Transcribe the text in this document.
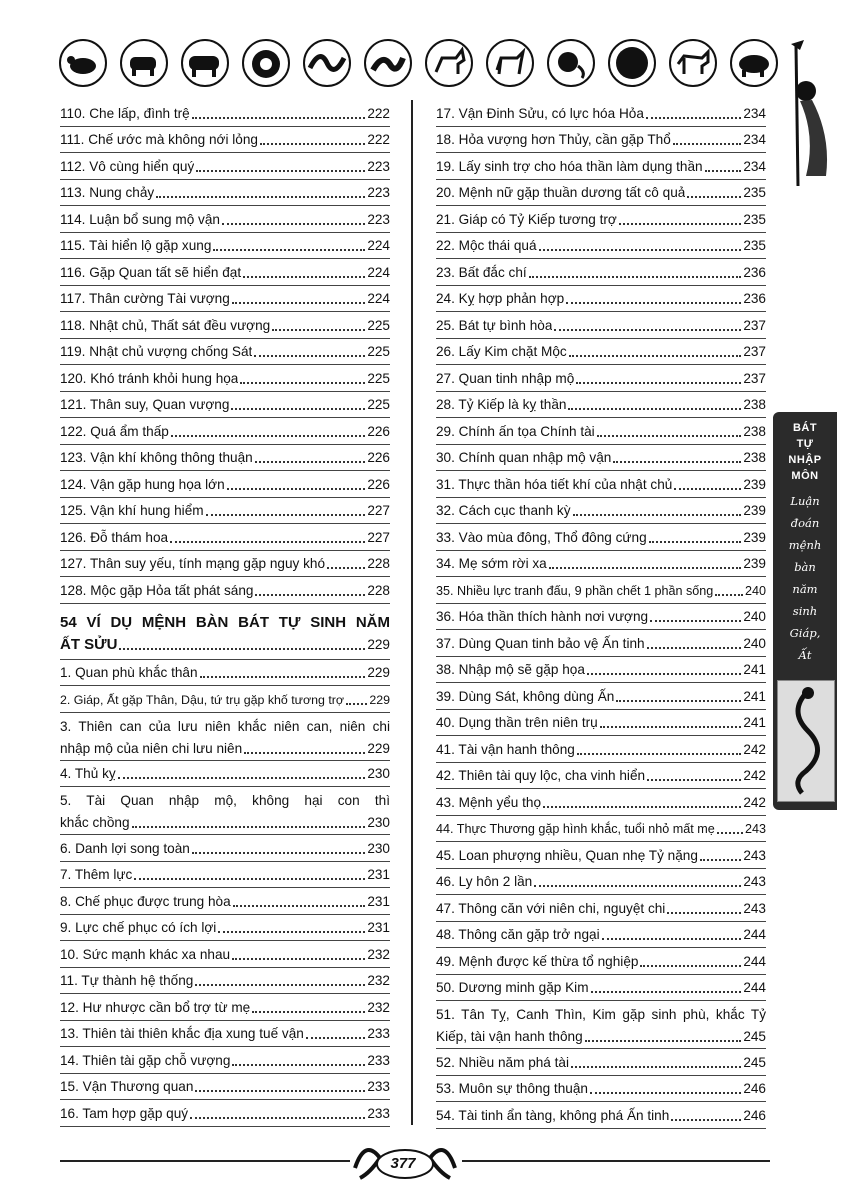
110. Che lấp, đình trệ	222
111. Chế ước mà không nới lỏng	222
112. Vô cùng hiển quý	223
113. Nung chảy	223
114. Luận bổ sung mộ vận	223
115. Tài hiển lộ gặp xung	224
116. Gặp Quan tất sẽ hiển đạt	224
117. Thân cường Tài vượng	224
118. Nhật chủ, Thất sát đều vượng	225
119. Nhật chủ vượng chống Sát	225
120. Khó tránh khỏi hung họa	225
121. Thân suy, Quan vượng	225
122. Quá ẩm thấp	226
123. Vận khí không thông thuận	226
124. Vận gặp hung họa lớn	226
125. Vận khí hung hiểm	227
126. Đỗ thám hoa	227
127. Thân suy yếu, tính mạng gặp nguy khó	228
128. Mộc gặp Hỏa tất phát sáng	228
54 VÍ DỤ MỆNH BÀN BÁT TỰ SINH NĂM
ẤT SỬU	229
1. Quan phù khắc thân	229
2. Giáp, Ất gặp Thân, Dậu, tứ trụ gặp khố tương trợ 229
3. Thiên can của lưu niên khắc niên can, niên chi
nhập mộ của niên chi lưu niên	229
4. Thủ kỵ	230
5. Tài Quan nhập mộ, không hại con thì
khắc chồng	230
6. Danh lợi song toàn	230
7. Thêm lực	231
8. Chế phục được trung hòa	231
9. Lực chế phục có ích lợi	231
10. Sức mạnh khác xa nhau	232
11. Tự thành hệ thống	232
12. Hư nhược cần bổ trợ từ mẹ	232
13. Thiên tài thiên khắc địa xung tuế vận	233
14. Thiên tài gặp chỗ vượng	233
15. Vận Thương quan	233
16. Tam hợp gặp quý	233
17. Vận Đinh Sửu, có lực hóa Hỏa	234
18. Hỏa vượng hơn Thủy, cần gặp Thổ	234
19. Lấy sinh trợ cho hóa thần làm dụng thần	234
20. Mệnh nữ gặp thuần dương tất cô quả	235
21. Giáp có Tỷ Kiếp tương trợ	235
22. Mộc thái quá	235
23. Bất đắc chí	236
24. Kỵ hợp phản hợp	236
25. Bát tự bình hòa	237
26. Lấy Kim chặt Mộc	237
27. Quan tinh nhập mộ	237
28. Tỷ Kiếp là kỵ thần	238
29. Chính ấn tọa Chính tài	238
30. Chính quan nhập mộ vận	238
31. Thực thần hóa tiết khí của nhật chủ	239
32. Cách cục thanh kỳ	239
33. Vào mùa đông, Thổ đông cứng	239
34. Mẹ sớm rời xa	239
35. Nhiều lực tranh đấu, 9 phần chết 1 phần sống	240
36. Hóa thần thích hành nơi vượng	240
37. Dùng Quan tinh bảo vệ Ấn tinh	240
38. Nhập mộ sẽ gặp họa	241
39. Dùng Sát, không dùng Ấn	241
40. Dụng thần trên niên trụ	241
41. Tài vận hanh thông	242
42. Thiên tài quy lộc, cha vinh hiển	242
43. Mệnh yểu thọ	242
44. Thực Thương gặp hình khắc, tuổi nhỏ mất mẹ 243
45. Loan phượng nhiều, Quan nhẹ Tỷ nặng	243
46. Ly hôn 2 lần	243
47. Thông căn với niên chi, nguyệt chi	243
48. Thông căn gặp trở ngại	244
49. Mệnh được kế thừa tổ nghiệp	244
50. Dương minh gặp Kim	244
51. Tân Tỵ, Canh Thìn, Kim gặp sinh phù, khắc Tỷ
Kiếp, tài vận hanh thông	245
52. Nhiều năm phá tài	245
53. Muôn sự thông thuận	246
54. Tài tinh ẩn tàng, không phá Ấn tinh	246
BÁT
TỰ
NHẬP
MÔN
Luận
đoán
mệnh
bàn
năm
sinh
Giáp,
Ất
377
